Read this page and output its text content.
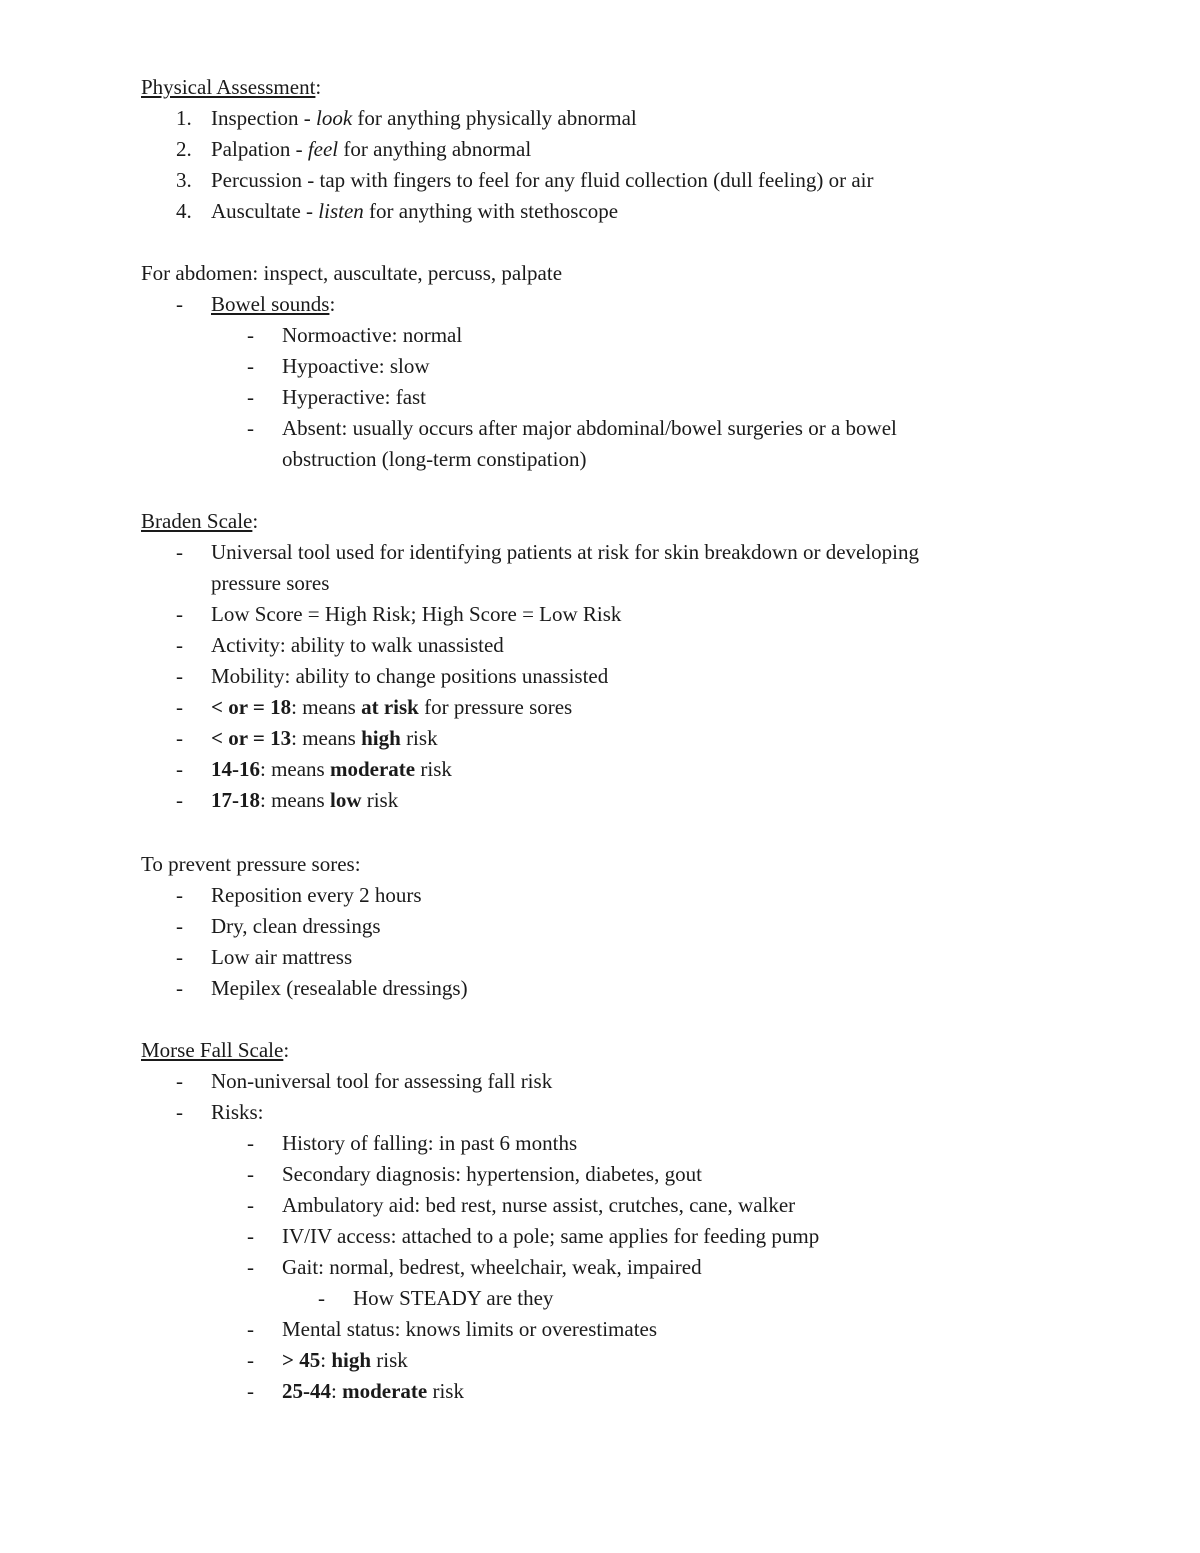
Physical Assessment:
1. Inspection - look for anything physically abnormal
2. Palpation - feel for anything abnormal
3. Percussion - tap with fingers to feel for any fluid collection (dull feeling) or air
4. Auscultate - listen for anything with stethoscope
For abdomen: inspect, auscultate, percuss, palpate
- Bowel sounds:
- Normoactive: normal
- Hypoactive: slow
- Hyperactive: fast
- Absent: usually occurs after major abdominal/bowel surgeries or a bowel
obstruction (long-term constipation)
Braden Scale:
- Universal tool used for identifying patients at risk for skin breakdown or developing
pressure sores
- Low Score = High Risk; High Score = Low Risk
- Activity: ability to walk unassisted
- Mobility: ability to change positions unassisted
- < or = 18: means at risk for pressure sores
- < or = 13: means high risk
- 14-16: means moderate risk
- 17-18: means low risk
To prevent pressure sores:
- Reposition every 2 hours
- Dry, clean dressings
- Low air mattress
- Mepilex (resealable dressings)
Morse Fall Scale:
- Non-universal tool for assessing fall risk
- Risks:
- History of falling: in past 6 months
- Secondary diagnosis: hypertension, diabetes, gout
- Ambulatory aid: bed rest, nurse assist, crutches, cane, walker
- IV/IV access: attached to a pole; same applies for feeding pump
- Gait: normal, bedrest, wheelchair, weak, impaired
- How STEADY are they
- Mental status: knows limits or overestimates
- > 45: high risk
- 25-44: moderate risk
